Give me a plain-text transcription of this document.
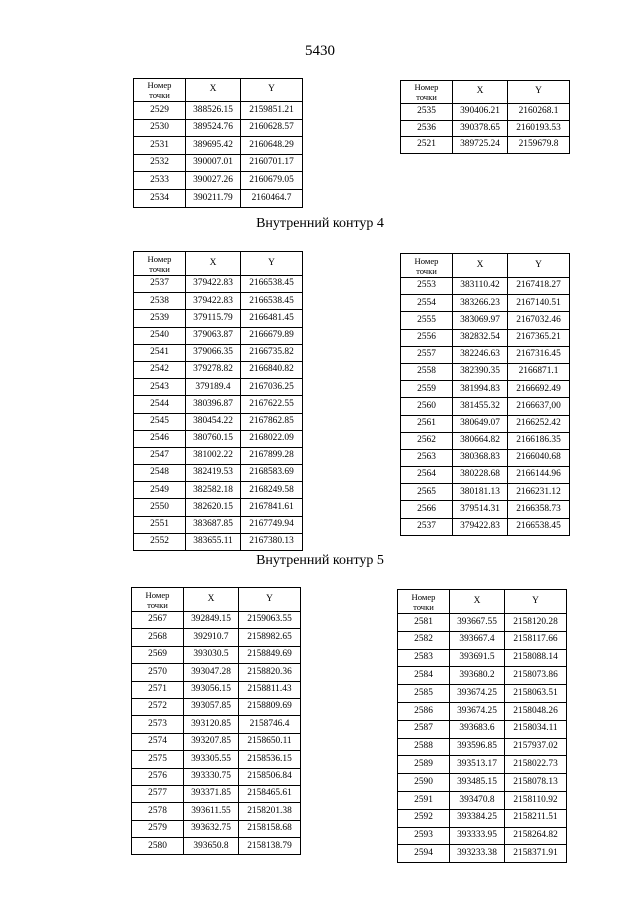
5430
Внутренний контур 4
Внутренний контур 5
Номер
точки	X	Y
2529	388526.15	2159851.21
2530	389524.76	2160628.57
2531	389695.42	2160648.29
2532	390007.01	2160701.17
2533	390027.26	2160679.05
2534	390211.79	2160464.7
Номер
точки	X	Y
2535	390406.21	2160268.1
2536	390378.65	2160193.53
2521	389725.24	2159679.8
Номер
точки	X	Y
2537	379422.83	2166538.45
2538	379422.83	2166538.45
2539	379115.79	2166481.45
2540	379063.87	2166679.89
2541	379066.35	2166735.82
2542	379278.82	2166840.82
2543	379189.4	2167036.25
2544	380396.87	2167622.55
2545	380454.22	2167862.85
2546	380760.15	2168022.09
2547	381002.22	2167899.28
2548	382419.53	2168583.69
2549	382582.18	2168249.58
2550	382620.15	2167841.61
2551	383687.85	2167749.94
2552	383655.11	2167380.13
Номер
точки	X	Y
2553	383110.42	2167418.27
2554	383266.23	2167140.51
2555	383069.97	2167032.46
2556	382832.54	2167365.21
2557	382246.63	2167316.45
2558	382390.35	2166871.1
2559	381994.83	2166692.49
2560	381455.32	2166637,00
2561	380649.07	2166252.42
2562	380664.82	2166186.35
2563	380368.83	2166040.68
2564	380228.68	2166144.96
2565	380181.13	2166231.12
2566	379514.31	2166358.73
2537	379422.83	2166538.45
Номер
точки	X	Y
2567	392849.15	2159063.55
2568	392910.7	2158982.65
2569	393030.5	2158849.69
2570	393047.28	2158820.36
2571	393056.15	2158811.43
2572	393057.85	2158809.69
2573	393120.85	2158746.4
2574	393207.85	2158650.11
2575	393305.55	2158536.15
2576	393330.75	2158506.84
2577	393371.85	2158465.61
2578	393611.55	2158201.38
2579	393632.75	2158158.68
2580	393650.8	2158138.79
Номер
точки	X	Y
2581	393667.55	2158120.28
2582	393667.4	2158117.66
2583	393691.5	2158088.14
2584	393680.2	2158073.86
2585	393674.25	2158063.51
2586	393674.25	2158048.26
2587	393683.6	2158034.11
2588	393596.85	2157937.02
2589	393513.17	2158022.73
2590	393485.15	2158078.13
2591	393470.8	2158110.92
2592	393384.25	2158211.51
2593	393333.95	2158264.82
2594	393233.38	2158371.91
